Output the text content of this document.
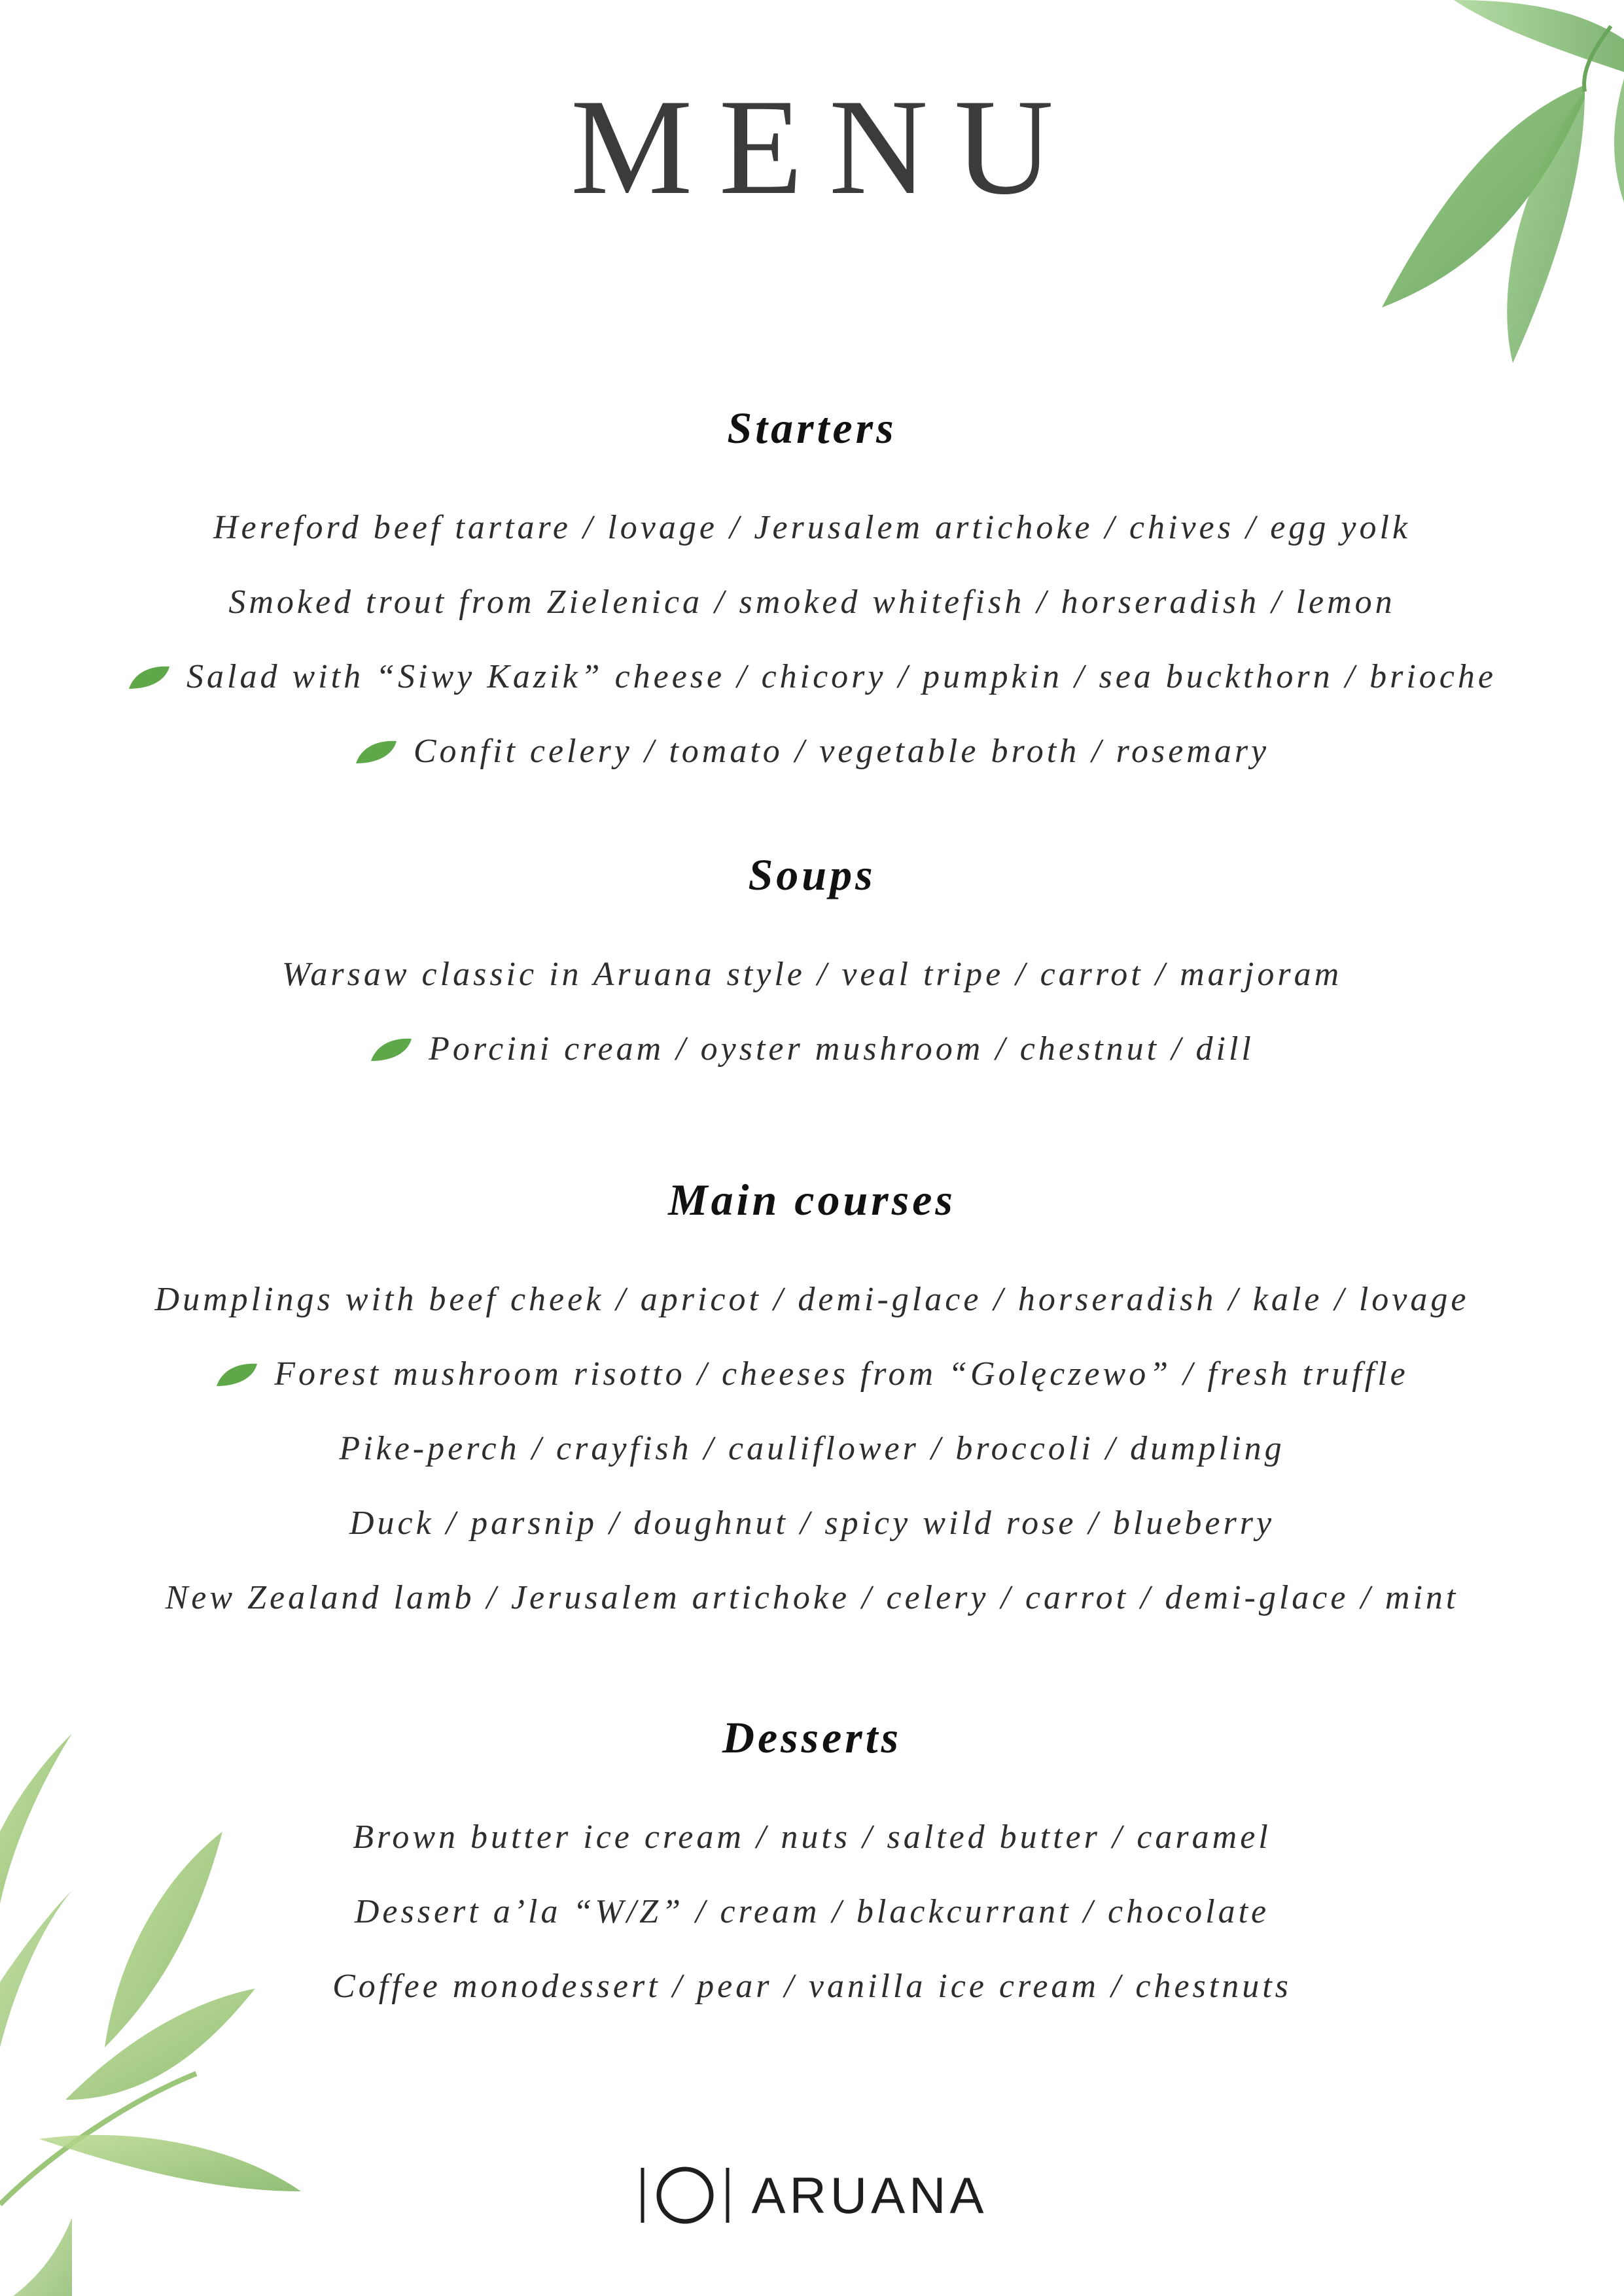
MENU
Starters
Hereford beef tartare / lovage / Jerusalem artichoke / chives / egg yolk
Smoked trout from Zielenica / smoked whitefish / horseradish / lemon
Salad with “Siwy Kazik” cheese / chicory / pumpkin / sea buckthorn / brioche
Confit celery / tomato / vegetable broth / rosemary
Soups
Warsaw classic in Aruana style / veal tripe / carrot / marjoram
Porcini cream / oyster mushroom / chestnut / dill
Main courses
Dumplings with beef cheek / apricot / demi-glace / horseradish / kale / lovage
Forest mushroom risotto / cheeses from “Golęczewo” / fresh truffle
Pike-perch / crayfish / cauliflower / broccoli / dumpling
Duck / parsnip / doughnut / spicy wild rose / blueberry
New Zealand lamb / Jerusalem artichoke / celery / carrot / demi-glace / mint
Desserts
Brown butter ice cream / nuts / salted butter / caramel
Dessert a’la “W/Z” / cream / blackcurrant / chocolate
Coffee monodessert / pear / vanilla ice cream / chestnuts
ARUANA
